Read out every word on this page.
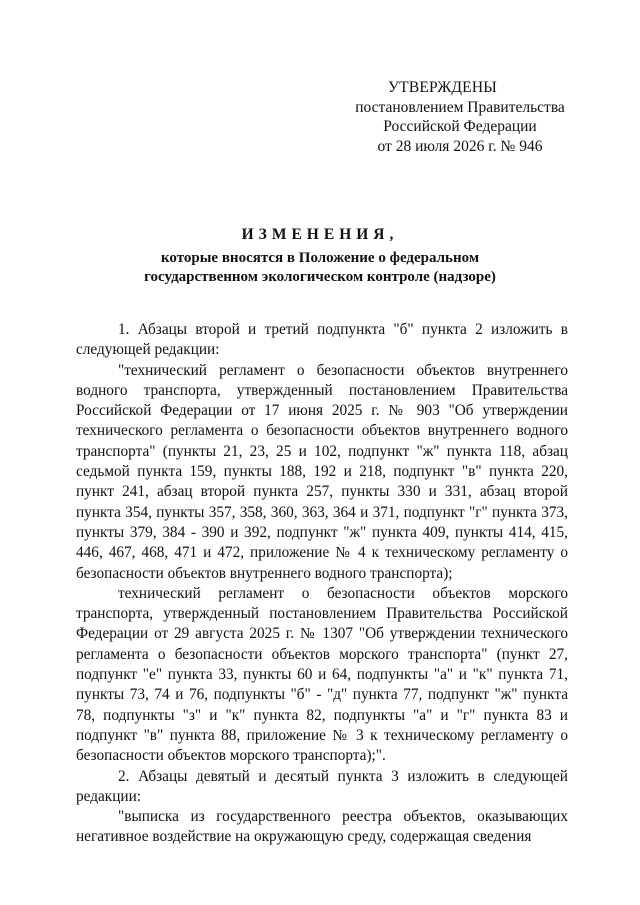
УТВЕРЖДЕНЫ
постановлением Правительства
Российской Федерации
от 28 июля 2026 г. № 946
ИЗМЕНЕНИЯ,
которые вносятся в Положение о федеральном
государственном экологическом контроле (надзоре)

1. Абзацы второй и третий подпункта "б" пункта 2 изложить в следующей редакции:

"технический регламент о безопасности объектов внутреннего водного транспорта, утвержденный постановлением Правительства Российской Федерации от 17 июня 2025 г. № 903 "Об утверждении технического регламента о безопасности объектов внутреннего водного транспорта" (пункты 21, 23, 25 и 102, подпункт "ж" пункта 118, абзац седьмой пункта 159, пункты 188, 192 и 218, подпункт "в" пункта 220, пункт 241, абзац второй пункта 257, пункты 330 и 331, абзац второй пункта 354, пункты 357, 358, 360, 363, 364 и 371, подпункт "г" пункта 373, пункты 379, 384 - 390 и 392, подпункт "ж" пункта 409, пункты 414, 415, 446, 467, 468, 471 и 472, приложение № 4 к техническому регламенту о безопасности объектов внутреннего водного транспорта);

технический регламент о безопасности объектов морского транспорта, утвержденный постановлением Правительства Российской Федерации от 29 августа 2025 г. № 1307 "Об утверждении технического регламента о безопасности объектов морского транспорта" (пункт 27, подпункт "е" пункта 33, пункты 60 и 64, подпункты "а" и "к" пункта 71, пункты 73, 74 и 76, подпункты "б" - "д" пункта 77, подпункт "ж" пункта 78, подпункты "з" и "к" пункта 82, подпункты "а" и "г" пункта 83 и подпункт "в" пункта 88, приложение № 3 к техническому регламенту о безопасности объектов морского транспорта);".

2. Абзацы девятый и десятый пункта 3 изложить в следующей редакции:

"выписка из государственного реестра объектов, оказывающих негативное воздействие на окружающую среду, содержащая сведения
